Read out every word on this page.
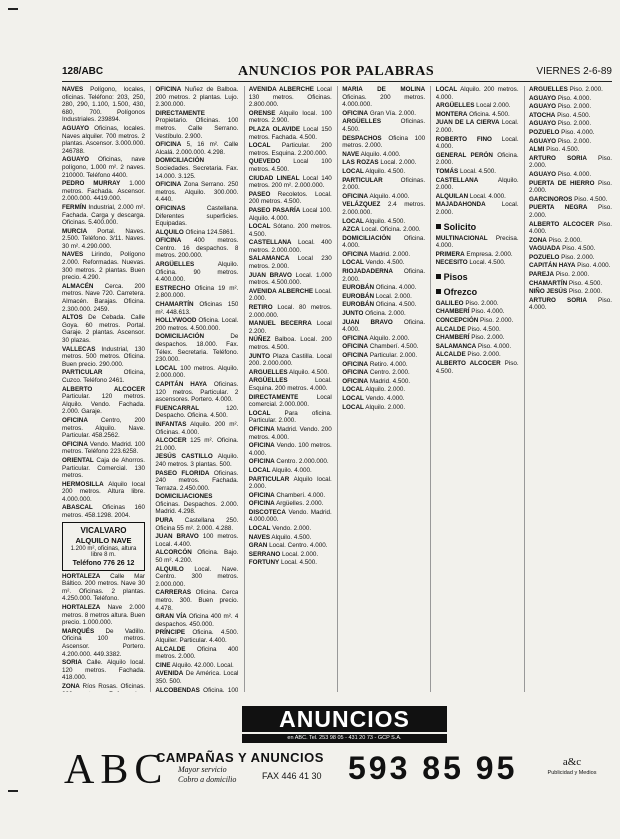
128/ABC	ANUNCIOS POR PALABRAS	VIERNES 2-6-89

NAVES Polígono, locales, oficinas. Teléfono: 203, 250, 280, 290, 1.100, 1.500, 430, 680, 700. Polígonos Industriales. 239894.

AGUAYO Oficinas, locales. Naves alquiler. 700 metros. 2 plantas. Ascensor. 3.000.000. 246788.

AGUAYO Oficinas, nave polígono, 1.000 m². 2 naves. 210000. Teléfono 4400.

PEDRO MURRAY 1.000 metros. Fachada. Ascensor. 2.000.000. 4419.000.

FERMÍN Industrial, 2.000 m². Fachada. Carga y descarga. Oficinas. 5.400.000.

MURCIA Portal. Naves. 2.500. Teléfono. 3/11. Naves. 30 m². 4.290.000.

NAVES Lirindo, Polígono 2.000. Reformadas. Nuevas. 300 metros. 2 plantas. Buen precio. 4.290.

ALMACÉN Cerca. 200 metros. Nave 720. Carretera. Almacén. Barajas. Oficina. 2.300.000. 2459.

ALTOS De Cebada. Calle Goya. 60 metros. Portal. Garaje. 2 plantas. Ascensor. 30 plazas.

VALLECAS Industrial, 130 metros. 500 metros. Oficina. Buen precio. 290.000.

PARTICULAR Oficina, Cuzco. Teléfono 2461.

ALBERTO ALCOCER Particular. 120 metros. Alquilo. Vendo. Fachada. 2.000. Garaje.

OFICINA Centro, 200 metros. Alquilo. Nave. Particular. 458.2562.

OFICINA Vendo. Madrid. 100 metros. Teléfono 223.6258.

ORIENTAL Caja de Ahorros. Particular. Comercial. 130 metros.

HERMOSILLA Alquilo local 200 metros. Altura libre. 4.000.000.

ABASCAL Oficinas 160 metros. 458.1298. 2004.

VICALVARO
ALQUILO NAVE
1.200 m², oficinas, altura libre 8 m.
Teléfono 776 26 12

HORTALEZA Calle Mar Báltico. 200 metros. Nave 30 m². Oficinas. 2 plantas. 4.250.000. Teléfono.

HORTALEZA Nave 2.000 metros. 8 metros altura. Buen precio. 1.000.000.

MARQUÉS De Vadillo. Oficina 100 metros. Ascensor. Portero. 4.200.000. 449.3382.

SORIA Calle. Alquilo local. 120 metros. Fachada. 418.000.

ZONA Ríos Rosas. Oficinas.

OFICINA Nuñez de Balboa. 200 metros. 2 plantas. Lujo. 2.300.000.

DIRECTAMENTE Propietario. Oficinas. 100 metros. Calle Serrano. Vestíbulo. 2.900.

OFICINA 5, 16 m². Calle Alcalá. 2.000.000. 4.298.

DOMICILIACIÓN Sociedades. Secretaria. Fax. 14.000. 3.125.

OFICINA Zona Serrano. 250 metros. Alquilo. 300.000. 4.440.

OFICINAS Castellana. Diferentes superficies. Equipadas.

ALQUILO Oficina 124.5861.

OFICINA 400 metros. Centro. 16 despachos. 8 metros. 200.000.

ARGÜELLES Alquilo. Oficina. 90 metros. 4.400.000.

ESTRECHO Oficina 19 m². 2.800.000.

CHAMARTÍN Oficinas 150 m². 448.613.

HOLLYWOOD Oficina. Local. 200 metros. 4.500.000.

DOMICILIACIÓN De despachos. 18.000. Fax. Télex. Secretaria. Teléfono. 230.000.

LOCAL 100 metros. Alquilo. 2.000.000.

CAPITÁN HAYA Oficinas. 120 metros. Particular. 2 ascensores. Portero. 4.000.

FUENCARRAL 120. Despacho. Oficina. 4.500.

INFANTAS Alquilo. 200 m². Oficinas. 4.000.

ALCOCER 125 m². Oficina. 21.000.

JESÚS CASTILLO Alquilo. 240 metros. 3 plantas. 500.

PASEO FLORIDA Oficinas. 240 metros. Fachada. Terraza. 2.450.000.

DOMICILIACIONES Oficinas. Despachos. 2.000. Madrid. 4.298.

PURA Castellana 250. Oficina 55 m². 2.000. 4.288.

JUAN BRAVO 100 metros. Local. 4.400.

ALCORCÓN Oficina. Bajo. 50 m². 4.200.

ALQUILO Local. Nave. Centro. 300 metros. 2.000.000.

CARRERAS Oficina. Cerca metro. 300. Buen precio. 4.478.

GRAN VÍA Oficina 400 m². 4 despachos. 450.000.

PRÍNCIPE Oficina. 4.500. Alquiler. Particular. 4.400.

ALCALDE Oficina 400 metros. 2.000.

CINE Alquilo. 42.000. Local.

AVENIDA De América. Local 350. 500.

ALCOBENDAS Oficina. 100

AVENIDA ALBERCHE Local 130 metros. Oficinas. 2.800.000.

ORENSE Alquilo local. 100 metros. 2.900.

PLAZA OLAVIDE Local 150 metros. Fachada. 4.500.

LOCAL Particular. 200 metros. Esquina. 2.200.000.

QUEVEDO Local 100 metros. 4.500.

CIUDAD LINEAL Local 140 metros. 200 m². 2.000.000.

PASEO Recoletos. Local. 200 metros. 4.500.

PASEO PASARÍA Local 100. Alquilo. 4.000.

LOCAL Sótano. 200 metros. 4.500.

CASTELLANA Local. 400 metros. 2.000.000.

SALAMANCA Local 230 metros. 2.000.

JUAN BRAVO Local. 1.000 metros. 4.500.000.

AVENIDA ALBERCHE Local. 2.000.

RETIRO Local. 80 metros. 2.000.000.

MANUEL BECERRA Local 2.200.

NÚÑEZ Balboa. Local. 200 metros. 4.500.

JUNTO Plaza Castilla. Local 200. 2.000.000.

ARGUELLES Alquilo. 4.500.

ARGÜELLES Local. Esquina. 200 metros. 4.000.

DIRECTAMENTE Local comercial. 2.000.000.

LOCAL Para oficina. Particular. 2.000.

OFICINA Madrid. Vendo. 200 metros. 4.000.

OFICINA Vendo. 100 metros. 4.000.

OFICINA Centro. 2.000.000.

LOCAL Alquilo. 4.000.

PARTICULAR Alquilo local. 2.000.

OFICINA Chamberí. 4.000.

OFICINA Argüelles. 2.000.

DISCOTECA Vendo. Madrid. 4.000.000.

LOCAL Vendo. 2.000.

NAVES Alquilo. 4.500.

GRAN Local. Centro. 4.000.

SERRANO Local. 2.000.

FORTUNY Local. 4.500.

MARÍA DE MOLINA Oficinas. 200 metros. 4.000.000.

OFICINA Gran Vía. 2.000.

ARGÜELLES Oficinas. 4.500.

DESPACHOS Oficina 100 metros. 2.000.

NAVE Alquilo. 4.000.

LAS ROZAS Local. 2.000.

LOCAL Alquilo. 4.500.

PARTICULAR Oficinas. 2.000.

OFICINA Alquilo. 4.000.

VELÁZQUEZ 2.4 metros. 2.000.000.

LOCAL Alquilo. 4.500.

AZCA Local. Oficina. 2.000.

DOMICILIACIÓN Oficina. 4.000.

OFICINA Madrid. 2.000.

LOCAL Vendo. 4.500.

RIOJADADERNA Oficina. 2.000.

EUROBÁN Oficina. 4.000.

EUROBÁN Local. 2.000.

EUROBÁN Oficina. 4.500.

JUNTO Oficina. 2.000.

JUAN BRAVO Oficina. 4.000.

OFICINA Alquilo. 2.000.

OFICINA Chamberí. 4.500.

OFICINA Particular. 2.000.

OFICINA Retiro. 4.000.

OFICINA Centro. 2.000.

OFICINA Madrid. 4.500.

LOCAL Alquilo. 2.000.

LOCAL Vendo. 4.000.

LOCAL Alquilo. 2.000.

LOCAL Alquilo. 200 metros. 4.000.

ARGÜELLES Local 2.000.

MONTERA Oficina. 4.500.

JUAN DE LA CIERVA Local. 2.000.

ROBERTO FINO Local. 4.000.

GENERAL PERÓN Oficina. 2.000.

TOMÁS Local. 4.500.

CASTELLANA Alquilo. 2.000.

ALQUILAN Local. 4.000.

MAJADAHONDA Local. 2.000.

Solicito

MULTINACIONAL Precisa. 4.000.

PRIMERA Empresa. 2.000.

NECESITO Local. 4.500.

Pisos
Ofrezco

GALILEO Piso. 2.000.

CHAMBERÍ Piso. 4.000.

CONCEPCIÓN Piso. 2.000.

ALCALDE Piso. 4.500.

CHAMBERÍ Piso. 2.000.

SALAMANCA Piso. 4.000.

ALCALDE Piso. 2.000.

ALBERTO ALCOCER Piso. 4.500.

ARGÜELLES Piso. 2.000.

AGUAYO Piso. 4.000.

AGUAYO Piso. 2.000.

ATOCHA Piso. 4.500.

AGUAYO Piso. 2.000.

POZUELO Piso. 4.000.

AGUAYO Piso. 2.000.

ALMI Piso. 4.500.

ARTURO SORIA Piso. 2.000.

AGUAYO Piso. 4.000.

PUERTA DE HIERRO Piso. 2.000.

GARCINOROS Piso. 4.500.

PUERTA NEGRA Piso. 2.000.

ALBERTO ALCOCER Piso. 4.000.

ZONA Piso. 2.000.

VAGUADA Piso. 4.500.

POZUELO Piso. 2.000.

CAPITÁN HAYA Piso. 4.000.

PAREJA Piso. 2.000.

CHAMARTÍN Piso. 4.500.

NIÑO JESÚS Piso. 2.000.

ARTURO SORIA Piso. 4.000.

ANUNCIOS
en ABC. Tel. 253 98 05 - 431 20 73 - GCP S.A.
ABC
CAMPAÑAS Y ANUNCIOS
Mayor servicio
Cobro a domicilio	FAX 446 41 30 593 85 95	a&c
Publicidad y Medios
